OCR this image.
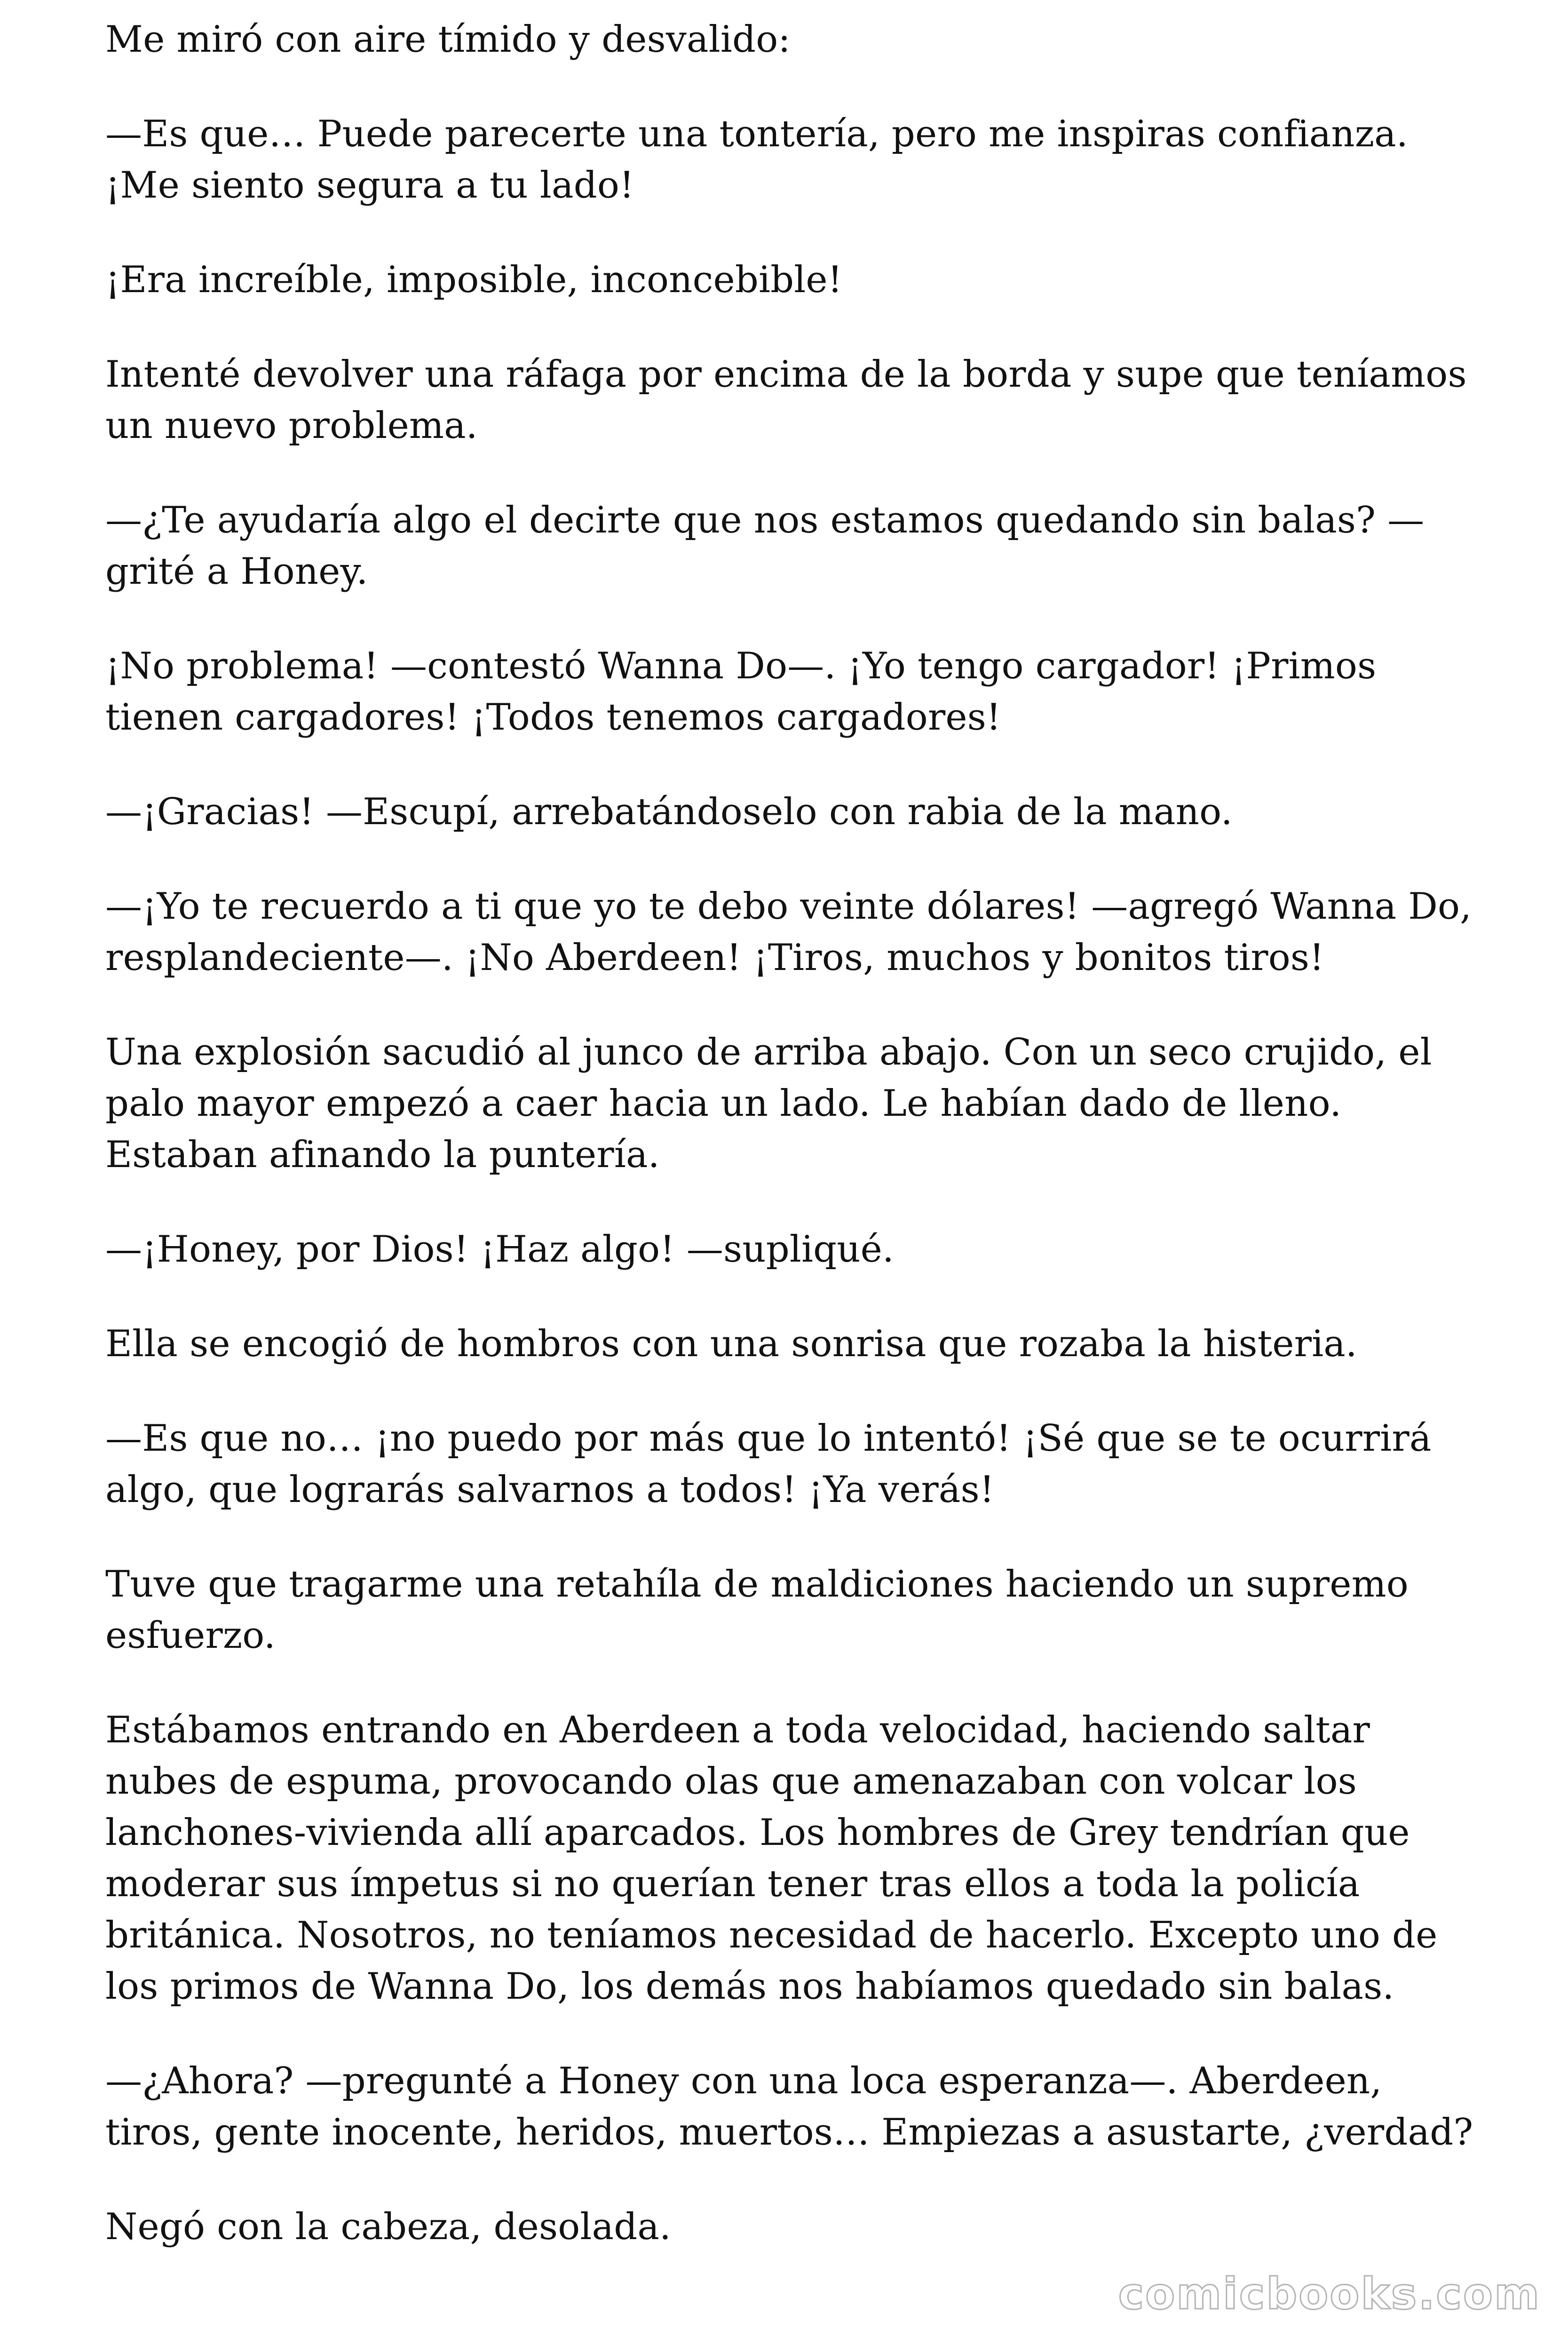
Me miró con aire tímido y desvalido:

—Es que… Puede parecerte una tontería, pero me inspiras confianza. ¡Me siento segura a tu lado!

¡Era increíble, imposible, inconcebible!

Intenté devolver una ráfaga por encima de la borda y supe que teníamos un nuevo problema.

—¿Te ayudaría algo el decirte que nos estamos quedando sin balas? —grité a Honey.

¡No problema! —contestó Wanna Do—. ¡Yo tengo cargador! ¡Primos tienen cargadores! ¡Todos tenemos cargadores!

—¡Gracias! —Escupí, arrebatándoselo con rabia de la mano.

—¡Yo te recuerdo a ti que yo te debo veinte dólares! —agregó Wanna Do, resplandeciente—. ¡No Aberdeen! ¡Tiros, muchos y bonitos tiros!

Una explosión sacudió al junco de arriba abajo. Con un seco crujido, el palo mayor empezó a caer hacia un lado. Le habían dado de lleno. Estaban afinando la puntería.

—¡Honey, por Dios! ¡Haz algo! —supliqué.

Ella se encogió de hombros con una sonrisa que rozaba la histeria.

—Es que no… ¡no puedo por más que lo intentó! ¡Sé que se te ocurrirá algo, que lograrás salvarnos a todos! ¡Ya verás!

Tuve que tragarme una retahíla de maldiciones haciendo un supremo esfuerzo.

Estábamos entrando en Aberdeen a toda velocidad, haciendo saltar nubes de espuma, provocando olas que amenazaban con volcar los lanchones-vivienda allí aparcados. Los hombres de Grey tendrían que moderar sus ímpetus si no querían tener tras ellos a toda la policía británica. Nosotros, no teníamos necesidad de hacerlo. Excepto uno de los primos de Wanna Do, los demás nos habíamos quedado sin balas.

—¿Ahora? —pregunté a Honey con una loca esperanza—. Aberdeen, tiros, gente inocente, heridos, muertos… Empiezas a asustarte, ¿verdad?

Negó con la cabeza, desolada.

comicbooks.com
